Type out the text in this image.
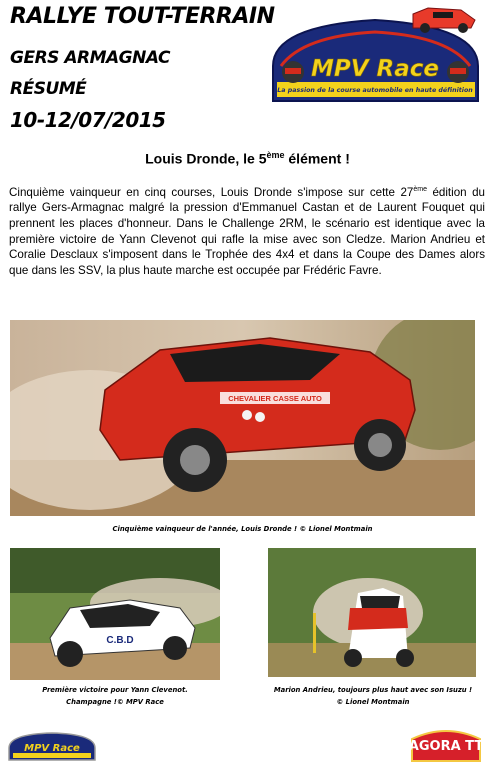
RALLYE TOUT-TERRAIN
GERS ARMAGNAC
RÉSUMÉ
10-12/07/2015
La passion de la course automobile en haute définition
MPV Race
Louis Dronde, le 5ème élément !

Cinquième vainqueur en cinq courses, Louis Dronde s'impose sur cette 27ème édition du rallye Gers-Armagnac malgré la pression d'Emmanuel Castan et de Laurent Fouquet qui prennent les places d'honneur. Dans le Challenge 2RM, le scénario est identique avec la première victoire de Yann Clevenot qui rafle la mise avec son Cledze. Marion Andrieu et Coralie Desclaux s'imposent dans le Trophée des 4x4 et dans la Coupe des Dames alors que dans les SSV, la plus haute marche est occupée par Frédéric Favre.

CHEVALIER CASSE AUTO
Cinquième vainqueur de l'année, Louis Dronde ! © Lionel Montmain
C.B.D
Première victoire pour Yann Clevenot.
Champagne !© MPV Race
Marion Andrieu, toujours plus haut avec son Isuzu !
© Lionel Montmain
MPV Race	AGORA TT
